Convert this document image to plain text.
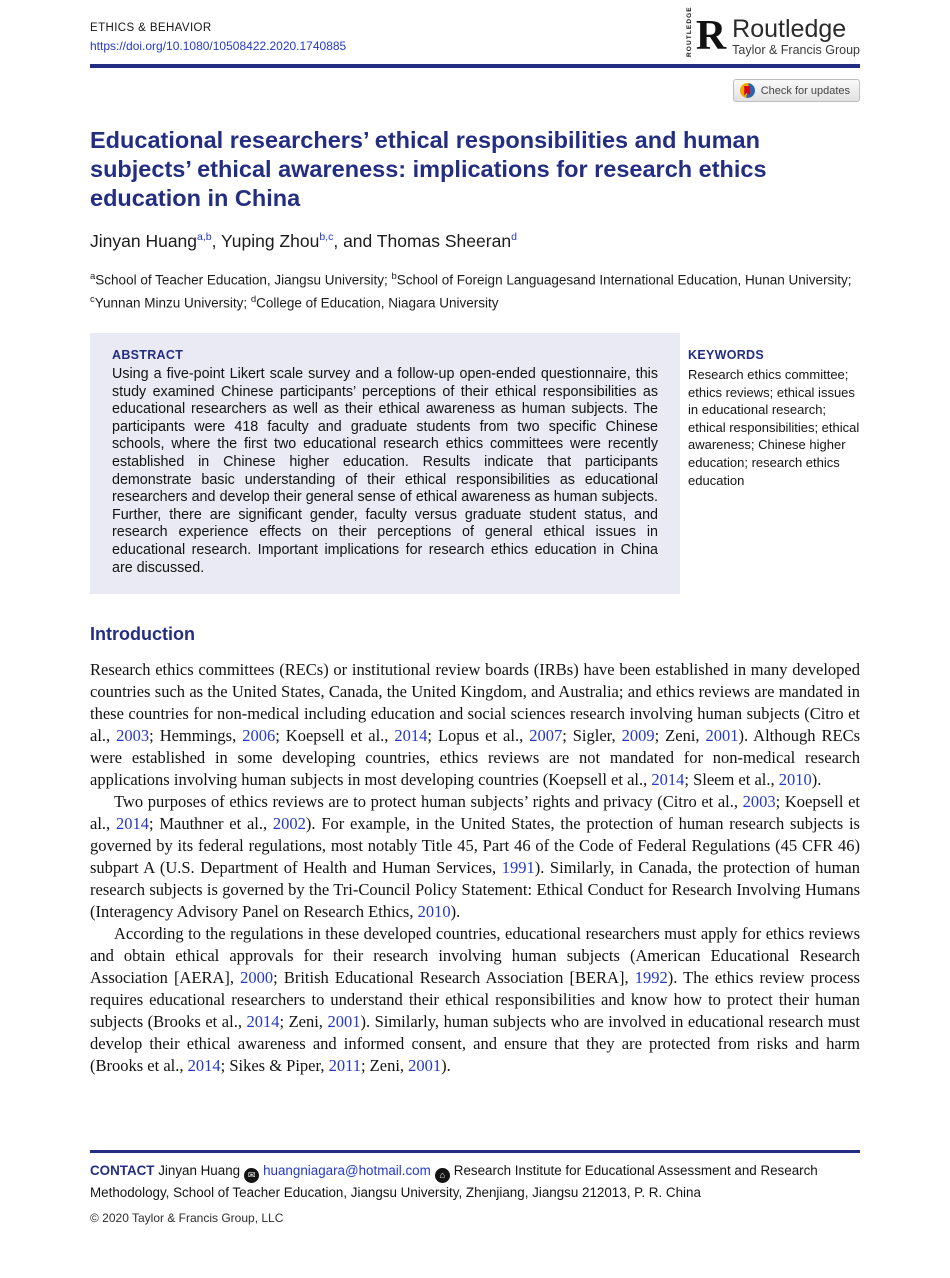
ETHICS & BEHAVIOR
https://doi.org/10.1080/10508422.2020.1740885	ROUTLEDGE R Routledge
Taylor & Francis Group
Check for updates
Educational researchers’ ethical responsibilities and human subjects’ ethical awareness: implications for research ethics education in China

Jinyan Huang$^{a,b}$, Yuping Zhou$^{b,c}$, and Thomas Sheeran$^d$

$^a$School of Teacher Education, Jiangsu University; $^b$School of Foreign Languagesand International Education, Hunan University; $^c$Yunnan Minzu University; $^d$College of Education, Niagara University

ABSTRACT
Using a five-point Likert scale survey and a follow-up open-ended questionnaire, this study examined Chinese participants’ perceptions of their ethical responsibilities as educational researchers as well as their ethical awareness as human subjects. The participants were 418 faculty and graduate students from two specific Chinese schools, where the first two educational research ethics committees were recently established in Chinese higher education. Results indicate that participants demonstrate basic understanding of their ethical responsibilities as educational researchers and develop their general sense of ethical awareness as human subjects. Further, there are significant gender, faculty versus graduate student status, and research experience effects on their perceptions of general ethical issues in educational research. Important implications for research ethics education in China are discussed.
KEYWORDS
Research ethics committee; ethics reviews; ethical issues in educational research; ethical responsibilities; ethical awareness; Chinese higher education; research ethics education
Introduction

Research ethics committees (RECs) or institutional review boards (IRBs) have been established in many developed countries such as the United States, Canada, the United Kingdom, and Australia; and ethics reviews are mandated in these countries for non-medical including education and social sciences research involving human subjects (Citro et al., 2003; Hemmings, 2006; Koepsell et al., 2014; Lopus et al., 2007; Sigler, 2009; Zeni, 2001). Although RECs were established in some developing countries, ethics reviews are not mandated for non-medical research applications involving human subjects in most developing countries (Koepsell et al., 2014; Sleem et al., 2010).

Two purposes of ethics reviews are to protect human subjects’ rights and privacy (Citro et al., 2003; Koepsell et al., 2014; Mauthner et al., 2002). For example, in the United States, the protection of human research subjects is governed by its federal regulations, most notably Title 45, Part 46 of the Code of Federal Regulations (45 CFR 46) subpart A (U.S. Department of Health and Human Services, 1991). Similarly, in Canada, the protection of human research subjects is governed by the Tri-Council Policy Statement: Ethical Conduct for Research Involving Humans (Interagency Advisory Panel on Research Ethics, 2010).

According to the regulations in these developed countries, educational researchers must apply for ethics reviews and obtain ethical approvals for their research involving human subjects (American Educational Research Association [AERA], 2000; British Educational Research Association [BERA], 1992). The ethics review process requires educational researchers to understand their ethical responsibilities and know how to protect their human subjects (Brooks et al., 2014; Zeni, 2001). Similarly, human subjects who are involved in educational research must develop their ethical awareness and informed consent, and ensure that they are protected from risks and harm (Brooks et al., 2014; Sikes & Piper, 2011; Zeni, 2001).

CONTACT Jinyan Huang ✉ huangniagara@hotmail.com ⌂ Research Institute for Educational Assessment and Research Methodology, School of Teacher Education, Jiangsu University, Zhenjiang, Jiangsu 212013, P. R. China

© 2020 Taylor & Francis Group, LLC
